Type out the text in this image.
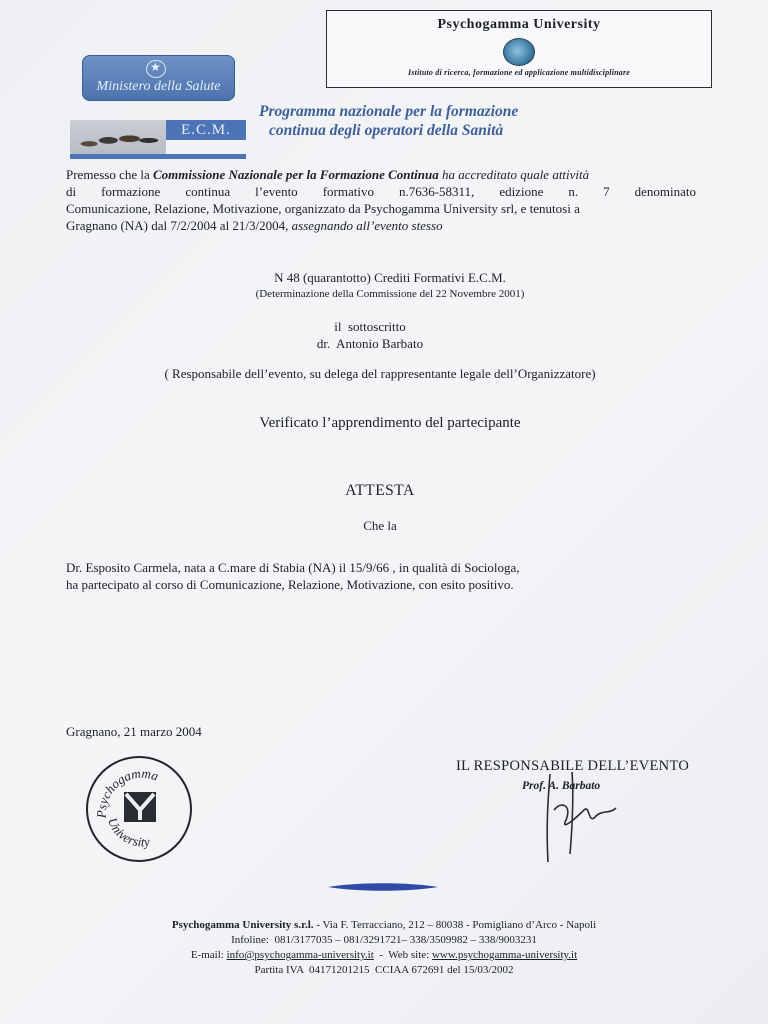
Psychogamma University
Istituto di ricerca, formazione ed applicazione multidisciplinare
★
Ministero della Salute
E.C.M.
Programma nazionale per la formazione
continua degli operatori della Sanità
Premesso che la Commissione Nazionale per la Formazione Continua ha accreditato quale attività
di formazione continua l’evento formativo n.7636-58311, edizione n. 7 denominato
Comunicazione, Relazione, Motivazione, organizzato da Psychogamma University srl, e tenutosi a
Gragnano (NA) dal 7/2/2004 al 21/3/2004, assegnando all’evento stesso
N 48 (quarantotto) Crediti Formativi E.C.M.
(Determinazione della Commissione del 22 Novembre 2001)
il  sottoscritto
dr.  Antonio Barbato
( Responsabile dell’evento, su delega del rappresentante legale dell’Organizzatore)
Verificato l’apprendimento del partecipante
ATTESTA
Che la
Dr. Esposito Carmela, nata a C.mare di Stabia (NA) il 15/9/66 , in qualità di Sociologa,
ha partecipato al corso di Comunicazione, Relazione, Motivazione, con esito positivo.
Gragnano, 21 marzo 2004
Psychogamma
University
IL RESPONSABILE DELL’EVENTO
Prof. A. Barbato
Psychogamma University s.r.l. - Via F. Terracciano, 212 – 80038 - Pomigliano d’Arco - Napoli
Infoline:  081/3177035 – 081/3291721– 338/3509982 – 338/9003231
E-mail: info@psychogamma-university.it  -  Web site: www.psychogamma-university.it
Partita IVA  04171201215  CCIAA 672691 del 15/03/2002
